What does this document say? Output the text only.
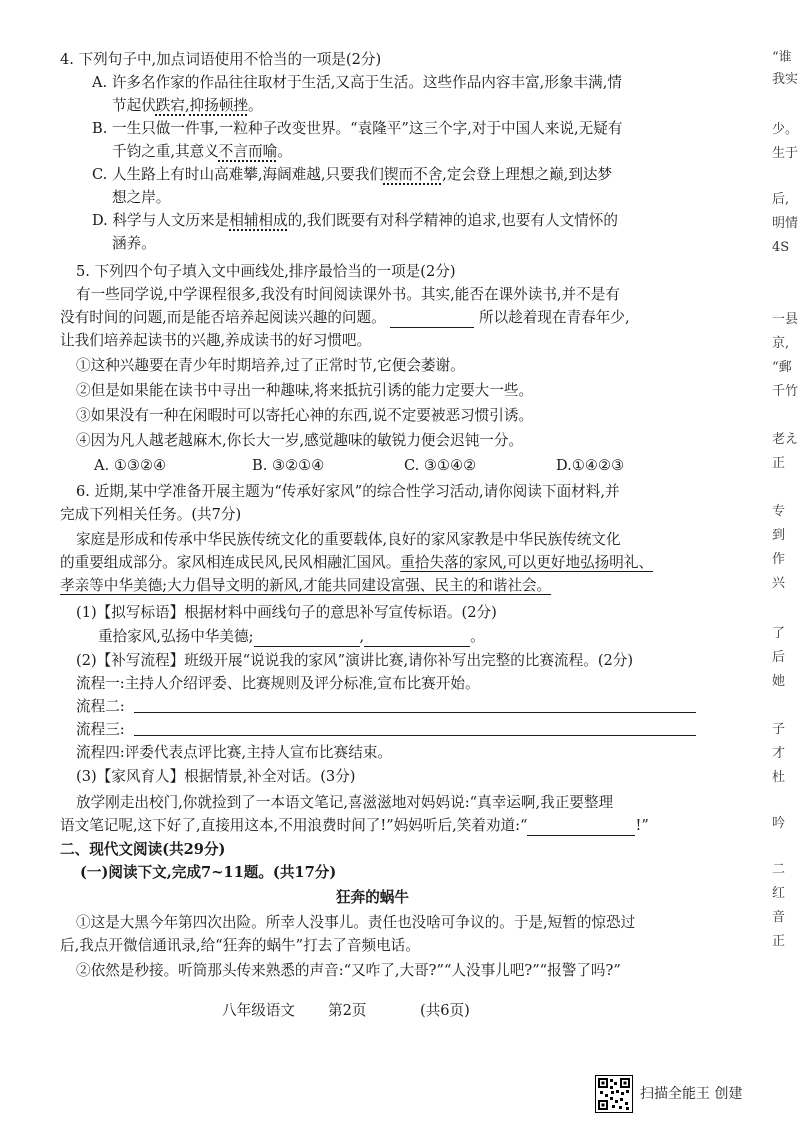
4. 下列句子中,加点词语使用不恰当的一项是(2分)
A. 许多名作家的作品往往取材于生活,又高于生活。这些作品内容丰富,形象丰满,情
节起伏跌宕,抑扬顿挫。
B. 一生只做一件事,一粒种子改变世界。“袁隆平”这三个字,对于中国人来说,无疑有
千钧之重,其意义不言而喻。
C. 人生路上有时山高难攀,海阔难越,只要我们锲而不舍,定会登上理想之巅,到达梦
想之岸。
D. 科学与人文历来是相辅相成的,我们既要有对科学精神的追求,也要有人文情怀的
涵养。
5. 下列四个句子填入文中画线处,排序最恰当的一项是(2分)
有一些同学说,中学课程很多,我没有时间阅读课外书。其实,能否在课外读书,并不是有
没有时间的问题,而是能否培养起阅读兴趣的问题。	所以趁着现在青春年少,
让我们培养起读书的兴趣,养成读书的好习惯吧。
①这种兴趣要在青少年时期培养,过了正常时节,它便会萎谢。
②但是如果能在读书中寻出一种趣味,将来抵抗引诱的能力定要大一些。
③如果没有一种在闲暇时可以寄托心神的东西,说不定要被恶习惯引诱。
④因为凡人越老越麻木,你长大一岁,感觉趣味的敏锐力便会迟钝一分。
A. ①③②④	B. ③②①④	C. ③①④②	D.①④②③
6. 近期,某中学准备开展主题为“传承好家风”的综合性学习活动,请你阅读下面材料,并
完成下列相关任务。(共7分)
家庭是形成和传承中华民族传统文化的重要载体,良好的家风家教是中华民族传统文化
的重要组成部分。家风相连成民风,民风相融汇国风。重拾失落的家风,可以更好地弘扬明礼、
孝亲等中华美德;大力倡导文明的新风,才能共同建设富强、民主的和谐社会。
(1)【拟写标语】根据材料中画线句子的意思补写宣传标语。(2分)
重拾家风,弘扬中华美德;	,	。
(2)【补写流程】班级开展“说说我的家风”演讲比赛,请你补写出完整的比赛流程。(2分)
流程一:主持人介绍评委、比赛规则及评分标准,宣布比赛开始。
流程二:
流程三:
流程四:评委代表点评比赛,主持人宣布比赛结束。
(3)【家风育人】根据情景,补全对话。(3分)
放学刚走出校门,你就捡到了一本语文笔记,喜滋滋地对妈妈说:“真幸运啊,我正要整理
语文笔记呢,这下好了,直接用这本,不用浪费时间了!”妈妈听后,笑着劝道:“	!”
二、现代文阅读(共29分)
(一)阅读下文,完成7~11题。(共17分)
狂奔的蜗牛
①这是大黑今年第四次出险。所幸人没事儿。责任也没啥可争议的。于是,短暂的惊恐过
后,我点开微信通讯录,给“狂奔的蜗牛”打去了音频电话。
②依然是秒接。听筒那头传来熟悉的声音:“又咋了,大哥?”“人没事儿吧?”“报警了吗?”
八年级语文 第2页	(共6页)
“谁
我实
少。
生于
后,
明情
4S
一县
京,
“郵
千竹
老え
正
专
到
作
兴
了
后
她
子
才
杜
吟
二
红
音
正
扫描全能王 创建
